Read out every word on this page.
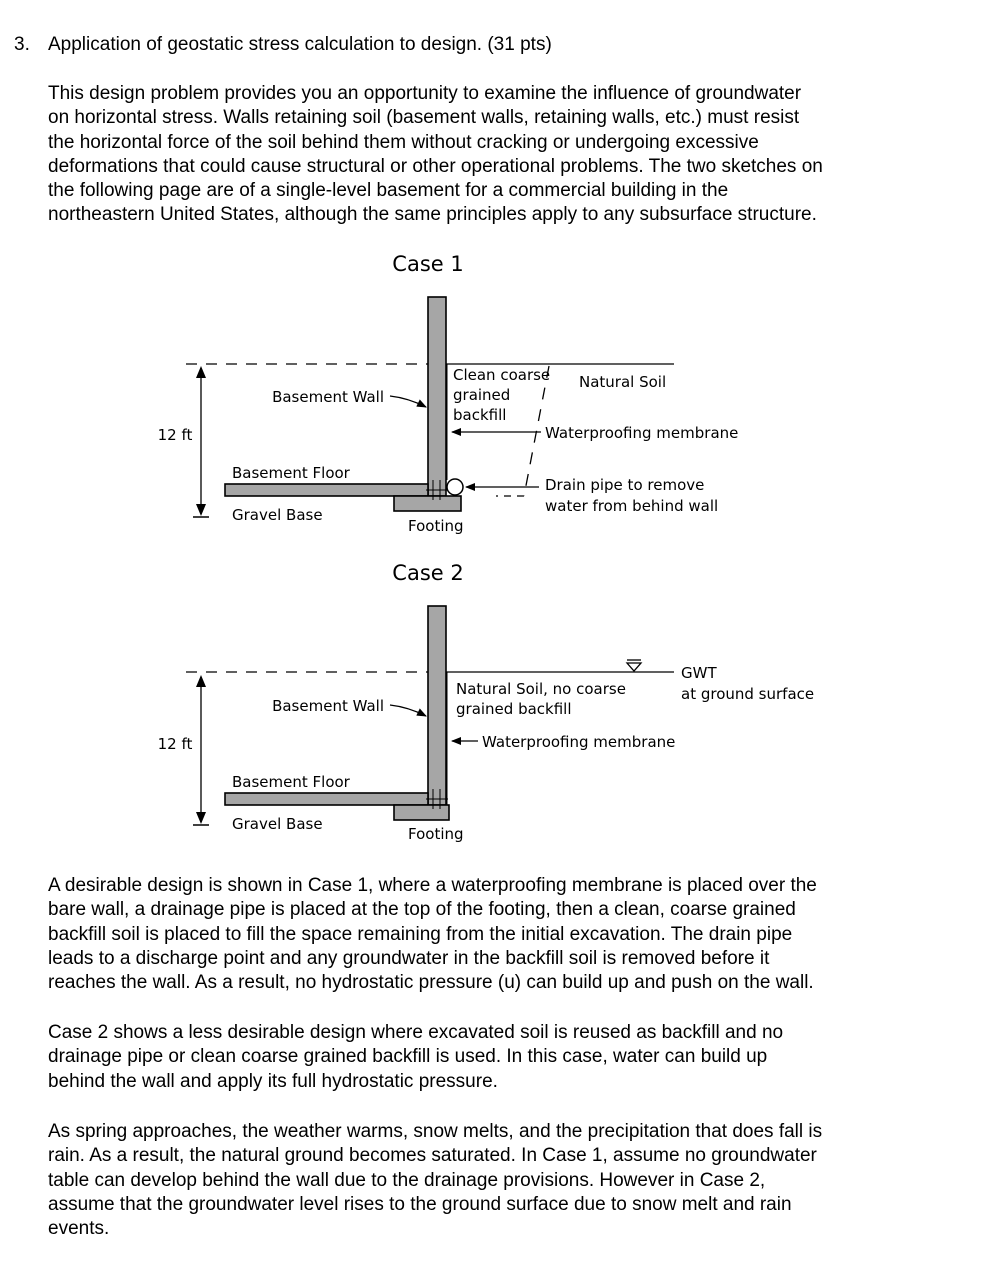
3. Application of geostatic stress calculation to design. (31 pts)
This design problem provides you an opportunity to examine the influence of groundwater
on horizontal stress. Walls retaining soil (basement walls, retaining walls, etc.) must resist
the horizontal force of the soil behind them without cracking or undergoing excessive
deformations that could cause structural or other operational problems. The two sketches on
the following page are of a single-level basement for a commercial building in the
northeastern United States, although the same principles apply to any subsurface structure.
Case 1
12 ft
Basement Wall
Clean coarse
grained
backfill
Natural Soil
Waterproofing membrane
Drain pipe to remove
water from behind wall
Basement Floor
Gravel Base
Footing
Case 2
GWT
at ground surface
12 ft
Basement Wall
Natural Soil, no coarse
grained backfill
Waterproofing membrane
Basement Floor
Gravel Base
Footing
A desirable design is shown in Case 1, where a waterproofing membrane is placed over the
bare wall, a drainage pipe is placed at the top of the footing, then a clean, coarse grained
backfill soil is placed to fill the space remaining from the initial excavation. The drain pipe
leads to a discharge point and any groundwater in the backfill soil is removed before it
reaches the wall. As a result, no hydrostatic pressure (u) can build up and push on the wall.
Case 2 shows a less desirable design where excavated soil is reused as backfill and no
drainage pipe or clean coarse grained backfill is used. In this case, water can build up
behind the wall and apply its full hydrostatic pressure.
As spring approaches, the weather warms, snow melts, and the precipitation that does fall is
rain. As a result, the natural ground becomes saturated. In Case 1, assume no groundwater
table can develop behind the wall due to the drainage provisions. However in Case 2,
assume that the groundwater level rises to the ground surface due to snow melt and rain
events.
